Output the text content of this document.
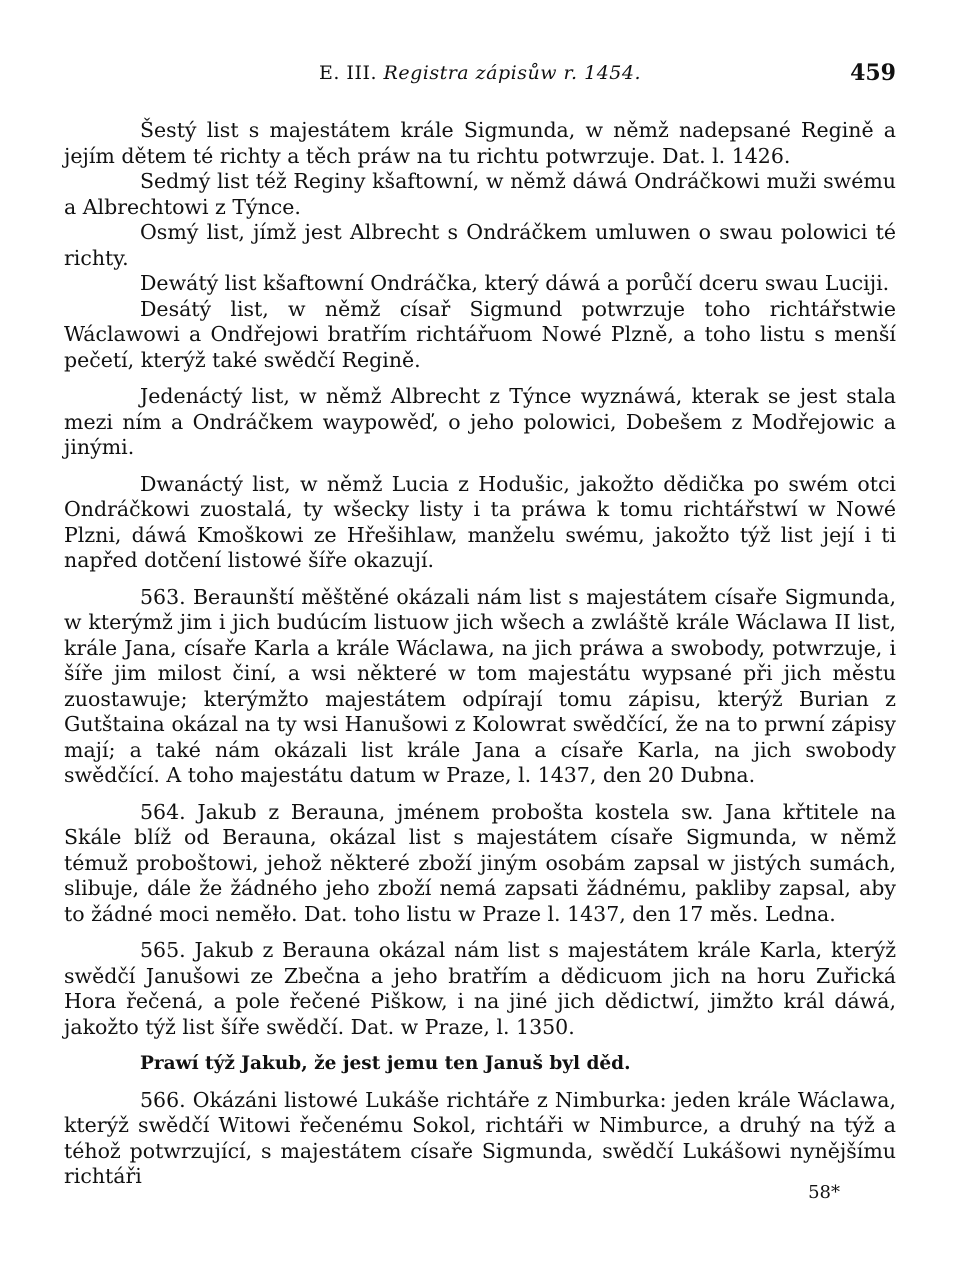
E. III. Registra zápisůw r. 1454.	459

Šestý list s majestátem krále Sigmunda, w němž nadepsané Regině a jejím dětem té richty a těch práw na tu richtu potwrzuje. Dat. l. 1426.

Sedmý list též Reginy kšaftowní, w němž dáwá Ondráčkowi muži swému a Albrechtowi z Týnce.

Osmý list, jímž jest Albrecht s Ondráčkem umluwen o swau polowici té richty.

Dewátý list kšaftowní Ondráčka, který dáwá a porůčí dceru swau Luciji.

Desátý list, w němž císař Sigmund potwrzuje toho richtářstwie Wáclawowi a Ondřejowi bratřím richtářuom Nowé Plzně, a toho listu s menší pečetí, kterýž také swědčí Regině.

Jedenáctý list, w němž Albrecht z Týnce wyznáwá, kterak se jest stala mezi ním a Ondráčkem waypowěď, o jeho polowici, Dobešem z Modřejowic a jinými.

Dwanáctý list, w němž Lucia z Hodušic, jakožto dědička po swém otci Ondráčkowi zuostalá, ty wšecky listy i ta práwa k tomu richtářstwí w Nowé Plzni, dáwá Kmoškowi ze Hřešihlaw, manželu swému, jakožto týž list její i ti napřed dotčení listowé šíře okazují.

563. Beraunští měštěné okázali nám list s majestátem císaře Sigmunda, w kterýmž jim i jich budúcím listuow jich wšech a zwláště krále Wáclawa II list, krále Jana, císaře Karla a krále Wáclawa, na jich práwa a swobody, potwrzuje, i šíře jim milost činí, a wsi některé w tom majestátu wypsané při jich městu zuostawuje; kterýmžto majestátem odpírají tomu zápisu, kterýž Burian z Gutštaina okázal na ty wsi Hanušowi z Kolowrat swědčící, že na to prwní zápisy mají; a také nám okázali list krále Jana a císaře Karla, na jich swobody swědčící. A toho majestátu datum w Praze, l. 1437, den 20 Dubna.

564. Jakub z Berauna, jménem probošta kostela sw. Jana křtitele na Skále blíž od Berauna, okázal list s majestátem císaře Sigmunda, w němž témuž proboštowi, jehož některé zboží jiným osobám zapsal w jistých sumách, slibuje, dále že žádného jeho zboží nemá zapsati žádnému, pakliby zapsal, aby to žádné moci neměło. Dat. toho listu w Praze l. 1437, den 17 měs. Ledna.

565. Jakub z Berauna okázal nám list s majestátem krále Karla, kterýž swědčí Janušowi ze Zbečna a jeho bratřím a dědicuom jich na horu Zuřická Hora řečená, a pole řečené Piškow, i na jiné jich dědictwí, jimžto král dáwá, jakožto týž list šíře swědčí. Dat. w Praze, l. 1350.

Prawí týž Jakub, že jest jemu ten Januš byl děd.

566. Okázáni listowé Lukáše richtáře z Nimburka: jeden krále Wáclawa, kterýž swědčí Witowi řečenému Sokol, richtáři w Nimburce, a druhý na týž a téhož potwrzující, s majestátem císaře Sigmunda, swědčí Lukášowi nynějšímu richtáři

58*
